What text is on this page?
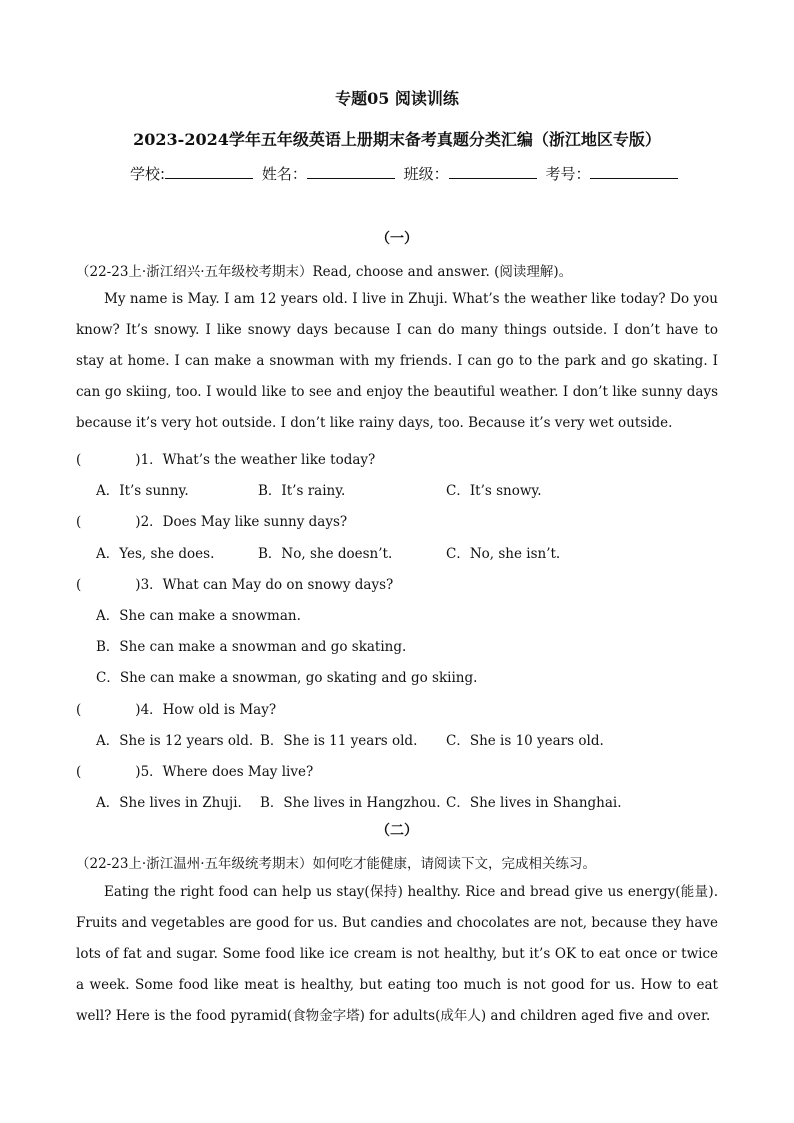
专题05 阅读训练
2023-2024学年五年级英语上册期末备考真题分类汇编（浙江地区专版）
学校:	姓名：	班级：	考号：
（一）
（22-23上·浙江绍兴·五年级校考期末）Read, choose and answer. (阅读理解)。
My name is May. I am 12 years old. I live in Zhuji. What’s the weather like today? Do you know? It’s snowy. I like snowy days because I can do many things outside. I don’t have to stay at home. I can make a snowman with my friends. I can go to the park and go skating. I can go skiing, too. I would like to see and enjoy the beautiful weather. I don’t like sunny days because it’s very hot outside. I don’t like rainy days, too. Because it’s very wet outside.
(	)1．What’s the weather like today?
A．It’s sunny.	B．It’s rainy.	C．It’s snowy.
(	)2．Does May like sunny days?
A．Yes, she does.	B．No, she doesn’t.	C．No, she isn’t.
(	)3．What can May do on snowy days?
A．She can make a snowman.
B．She can make a snowman and go skating.
C．She can make a snowman, go skating and go skiing.
(	)4．How old is May?
A．She is 12 years old. B．She is 11 years old. C．She is 10 years old.
(	)5．Where does May live?
A．She lives in Zhuji. B．She lives in Hangzhou. C．She lives in Shanghai.
（二）
（22-23上·浙江温州·五年级统考期末）如何吃才能健康，请阅读下文，完成相关练习。
Eating the right food can help us stay(保持) healthy. Rice and bread give us energy(能量). Fruits and vegetables are good for us. But candies and chocolates are not, because they have lots of fat and sugar. Some food like ice cream is not healthy, but it’s OK to eat once or twice a week. Some food like meat is healthy, but eating too much is not good for us. How to eat well? Here is the food pyramid(食物金字塔) for adults(成年人) and children aged five and over.
